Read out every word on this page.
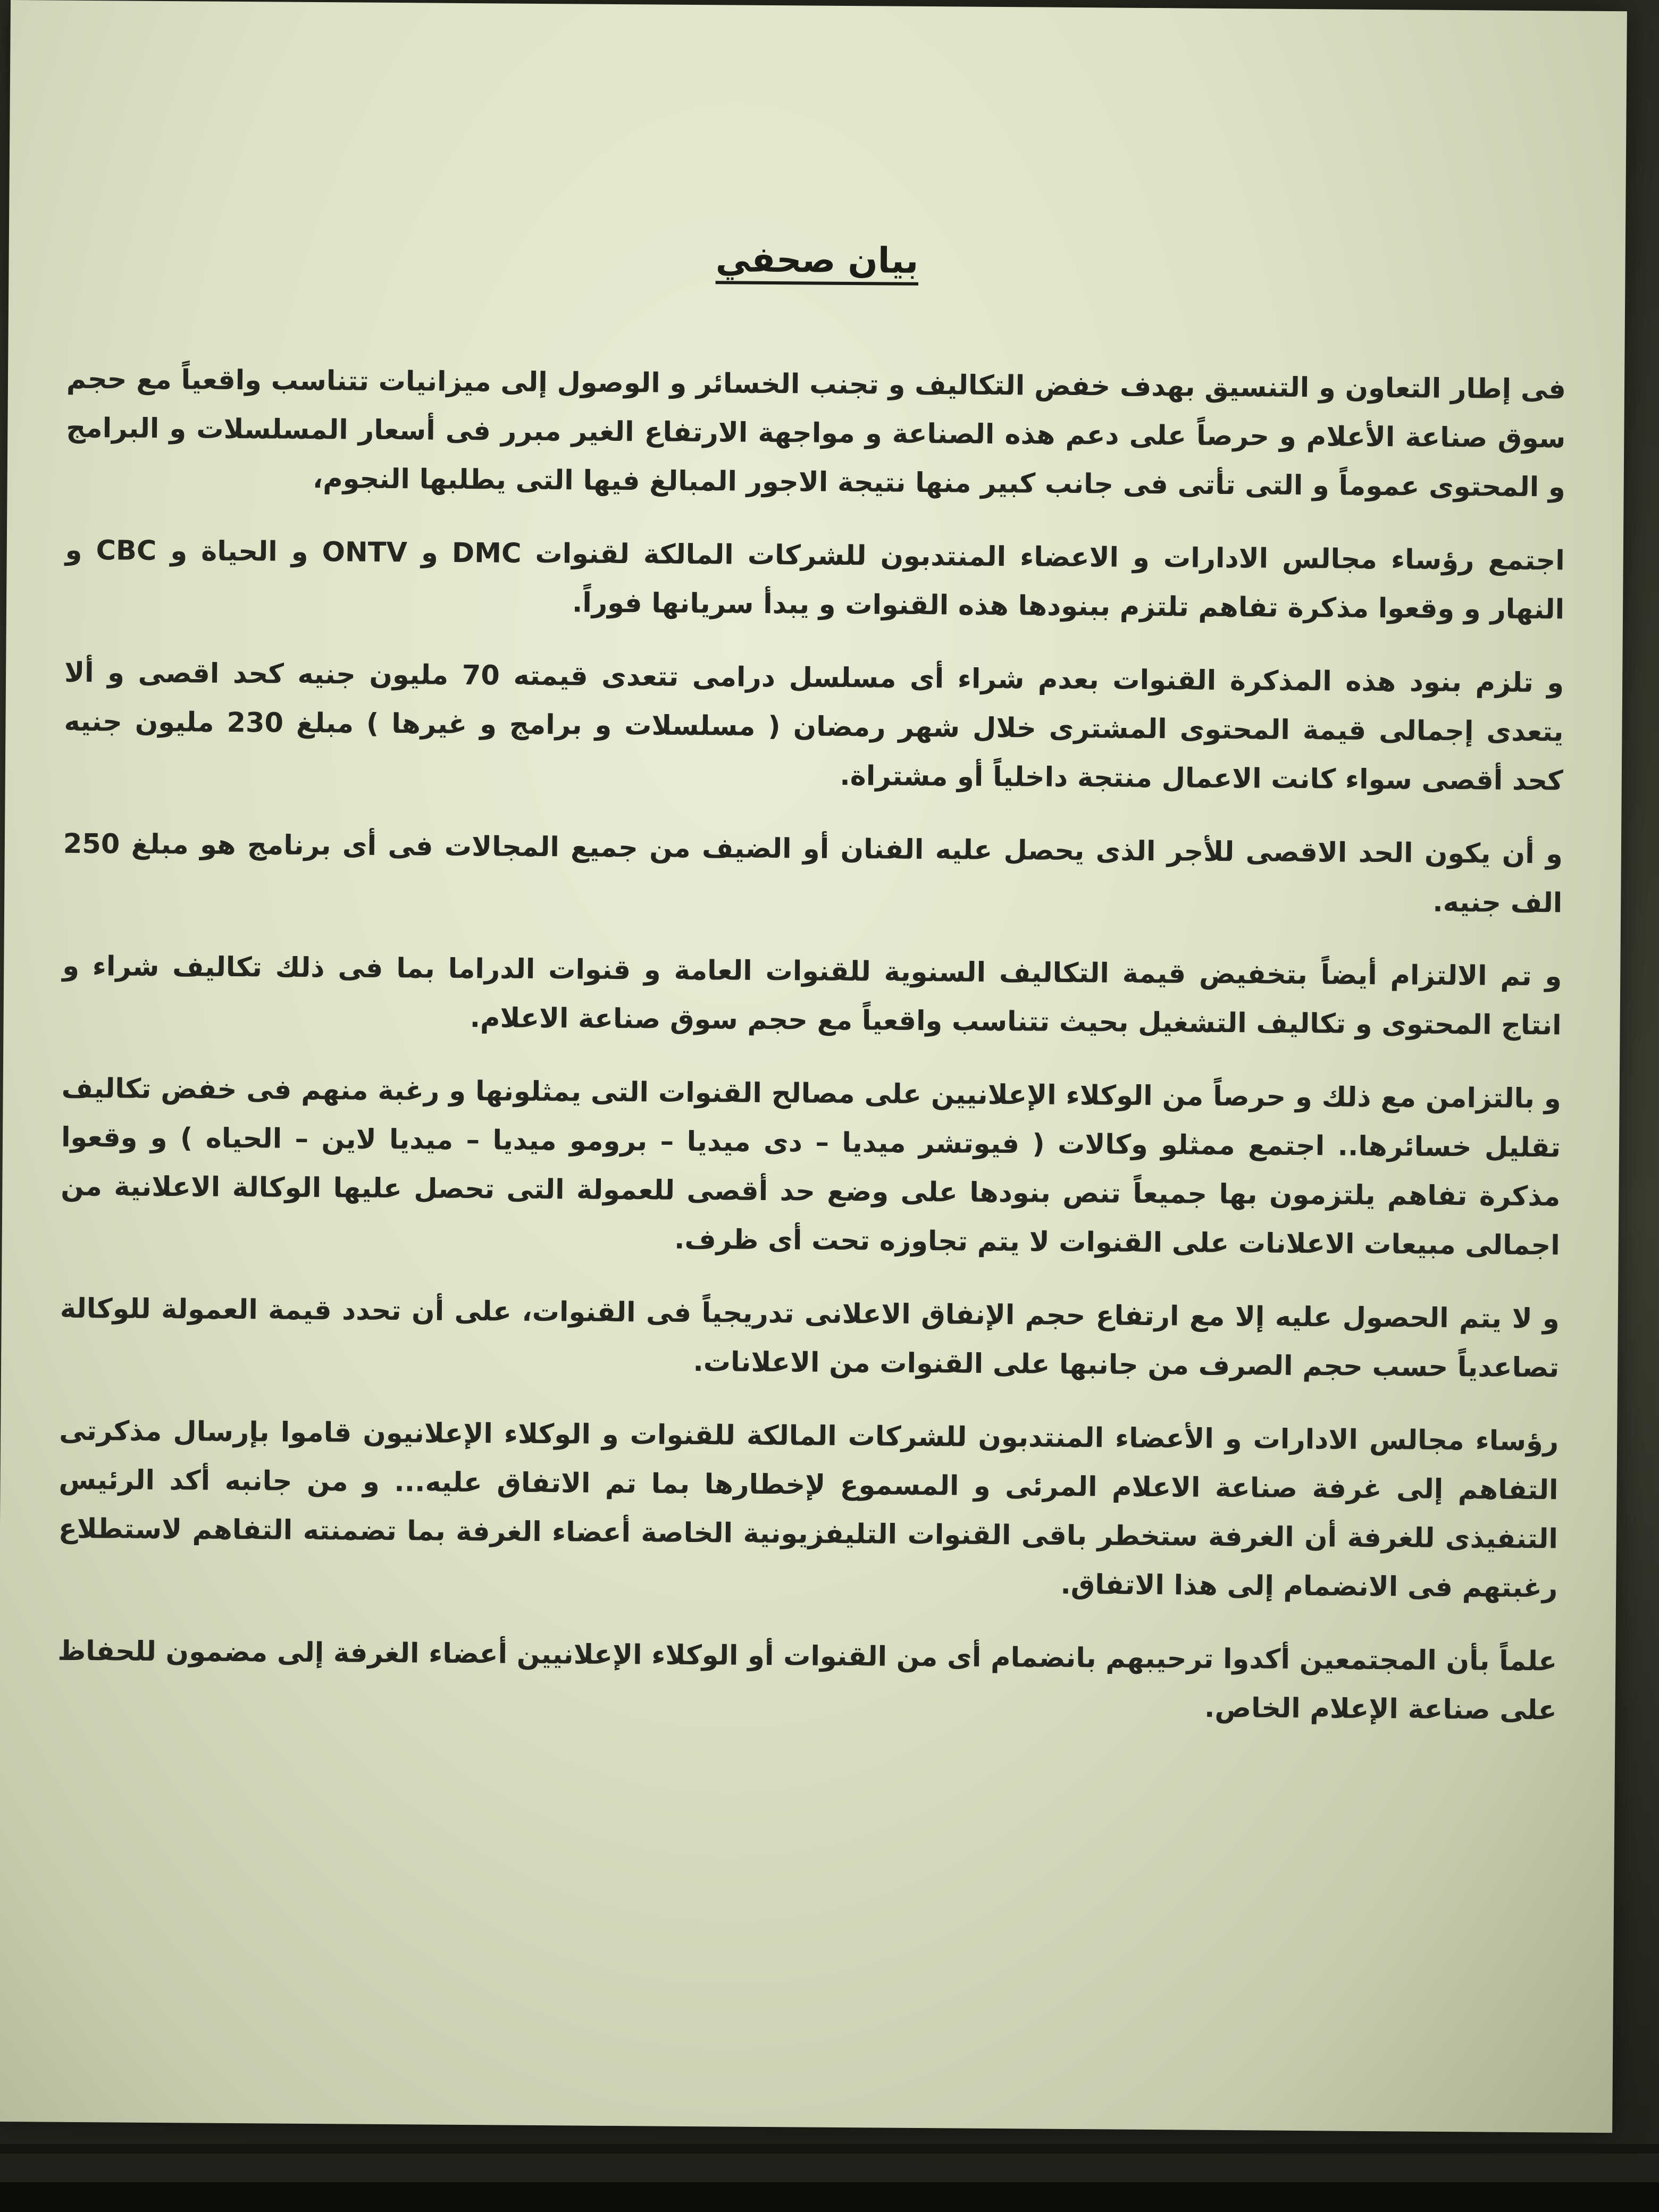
بيان صحفي

فى إطار التعاون و التنسيق بهدف خفض التكاليف و تجنب الخسائر و الوصول إلى ميزانيات تتناسب واقعياً مع حجم سوق صناعة الأعلام و حرصاً على دعم هذه الصناعة و مواجهة الارتفاع الغير مبرر فى أسعار المسلسلات و البرامج و المحتوى عموماً و التى تأتى فى جانب كبير منها نتيجة الاجور المبالغ فيها التى يطلبها النجوم،

اجتمع رؤساء مجالس الادارات و الاعضاء المنتدبون للشركات المالكة لقنوات DMC و ONTV و الحياة و CBC و النهار و وقعوا مذكرة تفاهم تلتزم ببنودها هذه القنوات و يبدأ سريانها فوراً.

و تلزم بنود هذه المذكرة القنوات بعدم شراء أى مسلسل درامى تتعدى قيمته 70 مليون جنيه كحد اقصى و ألا يتعدى إجمالى قيمة المحتوى المشترى خلال شهر رمضان ( مسلسلات و برامج و غيرها ) مبلغ 230 مليون جنيه كحد أقصى سواء كانت الاعمال منتجة داخلياً أو مشتراة.

و أن يكون الحد الاقصى للأجر الذى يحصل عليه الفنان أو الضيف من جميع المجالات فى أى برنامج هو مبلغ 250 الف جنيه.

و تم الالتزام أيضاً بتخفيض قيمة التكاليف السنوية للقنوات العامة و قنوات الدراما بما فى ذلك تكاليف شراء و انتاج المحتوى و تكاليف التشغيل بحيث تتناسب واقعياً مع حجم سوق صناعة الاعلام.

و بالتزامن مع ذلك و حرصاً من الوكلاء الإعلانيين على مصالح القنوات التى يمثلونها و رغبة منهم فى خفض تكاليف تقليل خسائرها.. اجتمع ممثلو وكالات ( فيوتشر ميديا – دى ميديا – برومو ميديا – ميديا لاين – الحياه ) و وقعوا مذكرة تفاهم يلتزمون بها جميعاً تنص بنودها على وضع حد أقصى للعمولة التى تحصل عليها الوكالة الاعلانية من اجمالى مبيعات الاعلانات على القنوات لا يتم تجاوزه تحت أى ظرف.

و لا يتم الحصول عليه إلا مع ارتفاع حجم الإنفاق الاعلانى تدريجياً فى القنوات، على أن تحدد قيمة العمولة للوكالة تصاعدياً حسب حجم الصرف من جانبها على القنوات من الاعلانات.

رؤساء مجالس الادارات و الأعضاء المنتدبون للشركات المالكة للقنوات و الوكلاء الإعلانيون قاموا بإرسال مذكرتى التفاهم إلى غرفة صناعة الاعلام المرئى و المسموع لإخطارها بما تم الاتفاق عليه... و من جانبه أكد الرئيس التنفيذى للغرفة أن الغرفة ستخطر باقى القنوات التليفزيونية الخاصة أعضاء الغرفة بما تضمنته التفاهم لاستطلاع رغبتهم فى الانضمام إلى هذا الاتفاق.

علماً بأن المجتمعين أكدوا ترحيبهم بانضمام أى من القنوات أو الوكلاء الإعلانيين أعضاء الغرفة إلى مضمون للحفاظ على صناعة الإعلام الخاص.
